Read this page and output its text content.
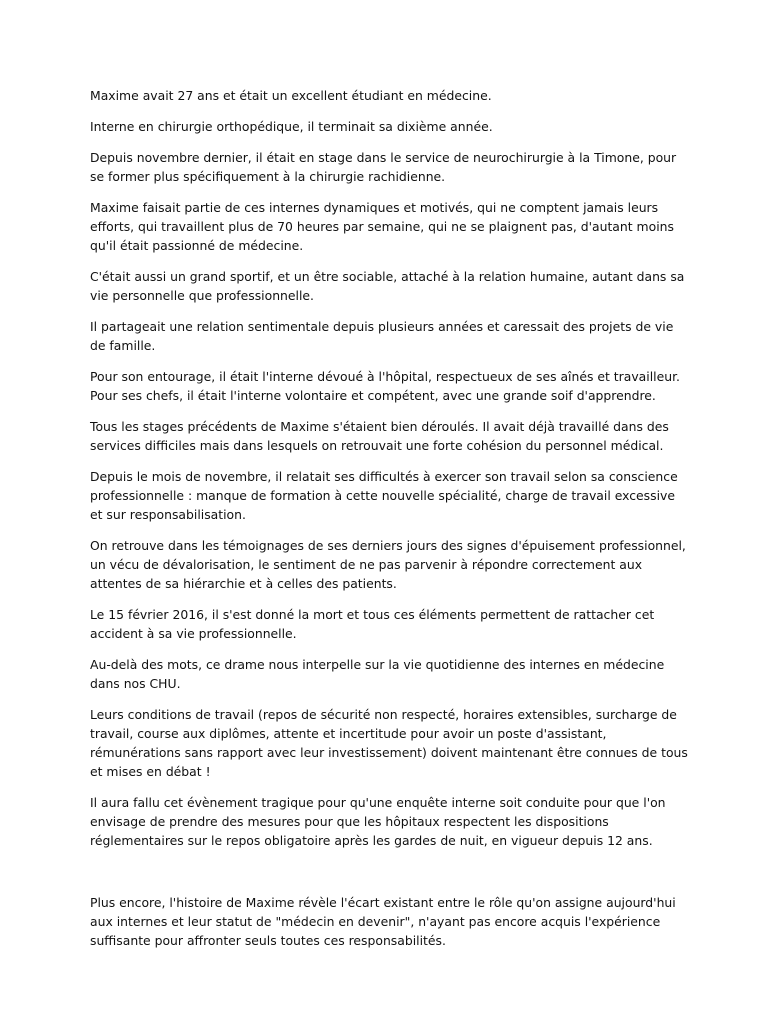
Maxime avait 27 ans et était un excellent étudiant en médecine.

Interne en chirurgie orthopédique, il terminait sa dixième année.

Depuis novembre dernier, il était en stage dans le service de neurochirurgie à la Timone, pour se former plus spécifiquement à la chirurgie rachidienne.

Maxime faisait partie de ces internes dynamiques et motivés, qui ne comptent jamais leurs efforts, qui travaillent plus de 70 heures par semaine, qui ne se plaignent pas, d'autant moins qu'il était passionné de médecine.

C'était aussi un grand sportif, et un être sociable, attaché à la relation humaine, autant dans sa vie personnelle que professionnelle.

Il partageait une relation sentimentale depuis plusieurs années et caressait des projets de vie de famille.

Pour son entourage, il était l'interne dévoué à l'hôpital, respectueux de ses aînés et travailleur. Pour ses chefs, il était l'interne volontaire et compétent, avec une grande soif d'apprendre.

Tous les stages précédents de Maxime s'étaient bien déroulés. Il avait déjà travaillé dans des services difficiles mais dans lesquels on retrouvait une forte cohésion du personnel médical.

Depuis le mois de novembre, il relatait ses difficultés à exercer son travail selon sa conscience professionnelle : manque de formation à cette nouvelle spécialité, charge de travail excessive et sur responsabilisation.

On retrouve dans les témoignages de ses derniers jours des signes d'épuisement professionnel, un vécu de dévalorisation, le sentiment de ne pas parvenir à répondre correctement aux attentes de sa hiérarchie et à celles des patients.

Le 15 février 2016, il s'est donné la mort et tous ces éléments permettent de rattacher cet accident à sa vie professionnelle.

Au-delà des mots, ce drame nous interpelle sur la vie quotidienne des internes en médecine dans nos CHU.

Leurs conditions de travail (repos de sécurité non respecté, horaires extensibles, surcharge de travail, course aux diplômes, attente et incertitude pour avoir un poste d'assistant, rémunérations sans rapport avec leur investissement) doivent maintenant être connues de tous et mises en débat !

Il aura fallu cet évènement tragique pour qu'une enquête interne soit conduite pour que l'on envisage de prendre des mesures pour que les hôpitaux respectent les dispositions réglementaires sur le repos obligatoire après les gardes de nuit, en vigueur depuis 12 ans.

Plus encore, l'histoire de Maxime révèle l'écart existant entre le rôle qu'on assigne aujourd'hui aux internes et leur statut de "médecin en devenir", n'ayant pas encore acquis l'expérience suffisante pour affronter seuls toutes ces responsabilités.
